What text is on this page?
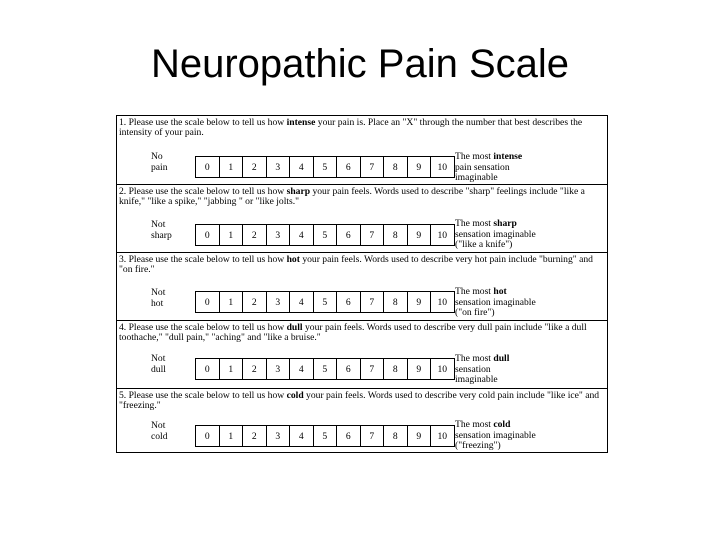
Neuropathic Pain Scale
1. Please use the scale below to tell us how intense your pain is. Place an "X" through the number that best describes the intensity of your pain.
No
pain	0	1	2	3	4	5	6	7	8	9	10
The most intense
pain sensation
imaginable
2. Please use the scale below to tell us how sharp your pain feels. Words used to describe "sharp" feelings include "like a knife," "like a spike," "jabbing " or "like jolts."
Not
sharp	0	1	2	3	4	5	6	7	8	9	10
The most sharp
sensation imaginable
("like a knife")
3. Please use the scale below to tell us how hot your pain feels. Words used to describe very hot pain include "burning" and "on fire."
Not
hot	0	1	2	3	4	5	6	7	8	9	10
The most hot
sensation imaginable
("on fire")
4. Please use the scale below to tell us how dull your pain feels. Words used to describe very dull pain include "like a dull toothache," "dull pain," "aching" and "like a bruise."
Not
dull	0	1	2	3	4	5	6	7	8	9	10
The most dull
sensation
imaginable
5. Please use the scale below to tell us how cold your pain feels. Words used to describe very cold pain include "like ice" and "freezing."
Not
cold	0	1	2	3	4	5	6	7	8	9	10
The most cold
sensation imaginable
("freezing")
